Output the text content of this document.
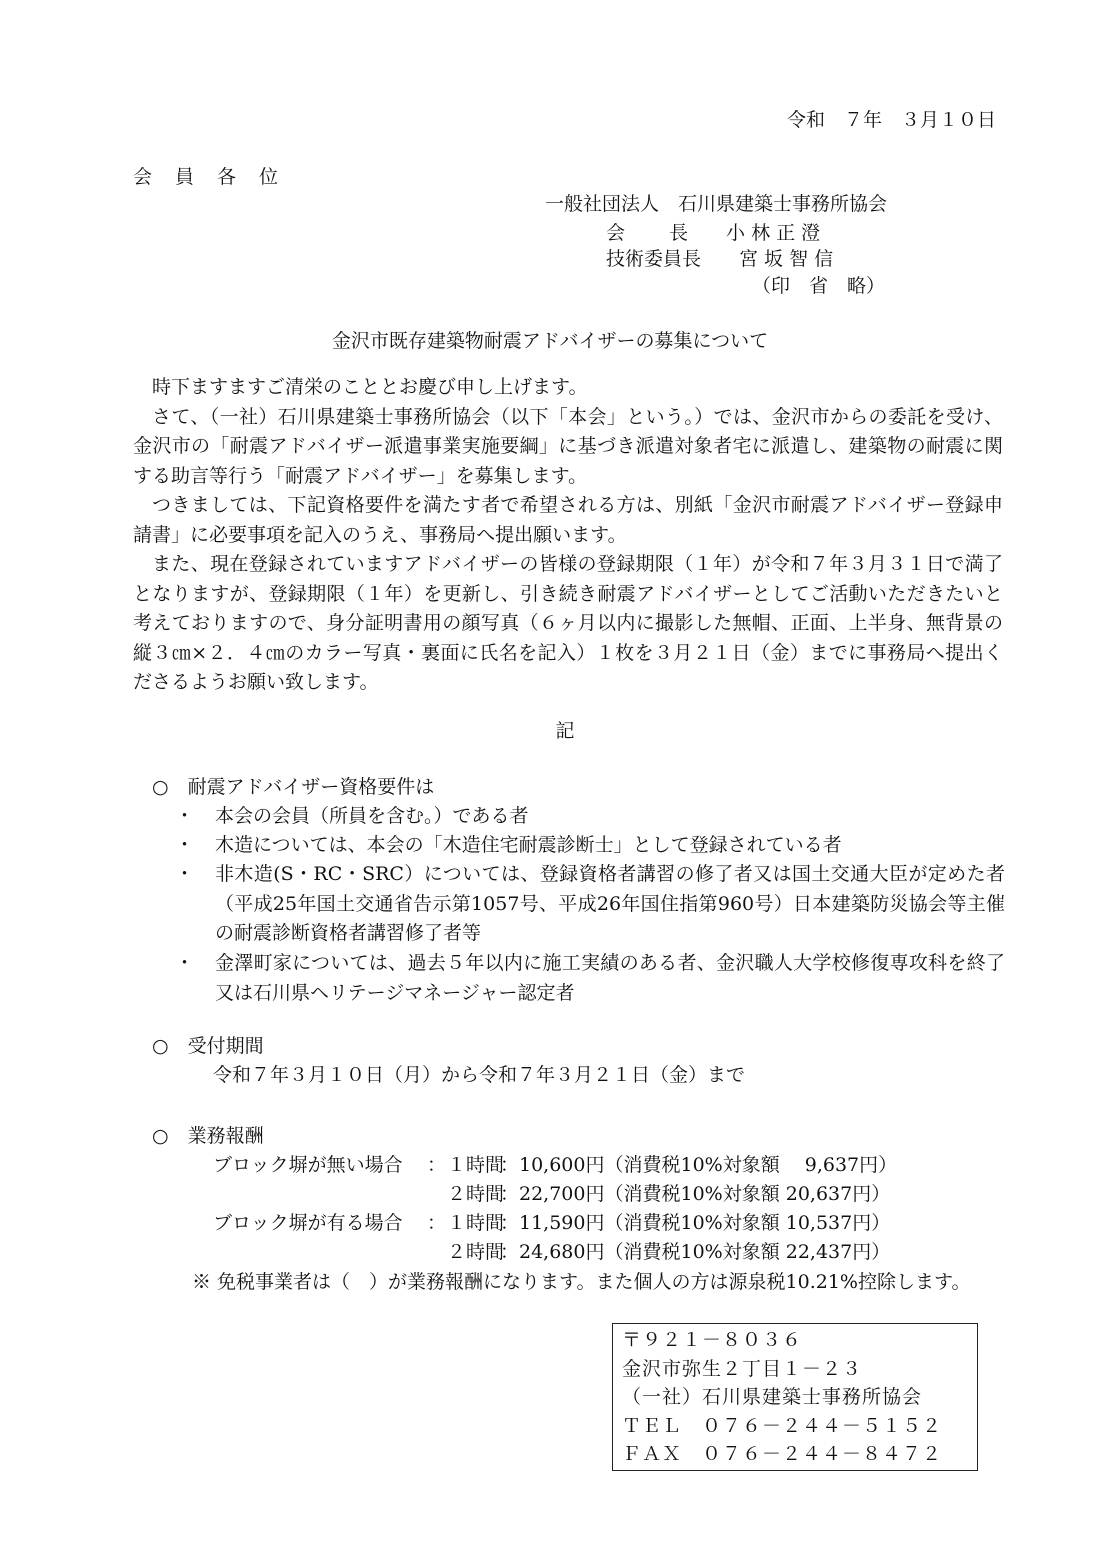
令和　７年　３月１０日
会　員　各　位
一般社団法人　石川県建築士事務所協会
会　　 長　　小 林 正 澄
技術委員長　　宮 坂 智 信
（印　省　略）
金沢市既存建築物耐震アドバイザーの募集について

時下ますますご清栄のこととお慶び申し上げます。

さて、（一社）石川県建築士事務所協会（以下「本会」という。）では、金沢市からの委託を受け、金沢市の「耐震アドバイザー派遣事業実施要綱」に基づき派遣対象者宅に派遣し、建築物の耐震に関する助言等行う「耐震アドバイザー」を募集します。

つきましては、下記資格要件を満たす者で希望される方は、別紙「金沢市耐震アドバイザー登録申請書」に必要事項を記入のうえ、事務局へ提出願います。

また、現在登録されていますアドバイザーの皆様の登録期限（１年）が令和７年３月３１日で満了となりますが、登録期限（１年）を更新し、引き続き耐震アドバイザーとしてご活動いただきたいと考えておりますので、身分証明書用の顔写真（６ヶ月以内に撮影した無帽、正面、上半身、無背景の縦３㎝×２．４㎝のカラー写真・裏面に氏名を記入）１枚を３月２１日（金）までに事務局へ提出くださるようお願い致します。

記
○　耐震アドバイザー資格要件は
・ 本会の会員（所員を含む。）である者
・ 木造については、本会の「木造住宅耐震診断士」として登録されている者
・ 非木造(S・RC・SRC）については、登録資格者講習の修了者又は国土交通大臣が定めた者（平成25年国土交通省告示第1057号、平成26年国住指第960号）日本建築防災協会等主催の耐震診断資格者講習修了者等
・ 金澤町家については、過去５年以内に施工実績のある者、金沢職人大学校修復専攻科を終了又は石川県ヘリテージマネージャー認定者
○　受付期間
令和７年３月１０日（月）から令和７年３月２１日（金）まで
○　業務報酬
ブロック塀が無い場合 ： １時間
：10,600円（消費税10%対象額　 9,637円）
２時間
：22,700円（消費税10%対象額 20,637円）
ブロック塀が有る場合 ： １時間
：11,590円（消費税10%対象額 10,537円）
２時間
：24,680円（消費税10%対象額 22,437円）
※ 免税事業者は（　）が業務報酬になります。また個人の方は源泉税10.21%控除します。
〒９２１－８０３６
金沢市弥生２丁目１－２３
（一社）石川県建築士事務所協会
ＴＥＬ　０７６－２４４－５１５２
ＦＡＸ　０７６－２４４－８４７２
